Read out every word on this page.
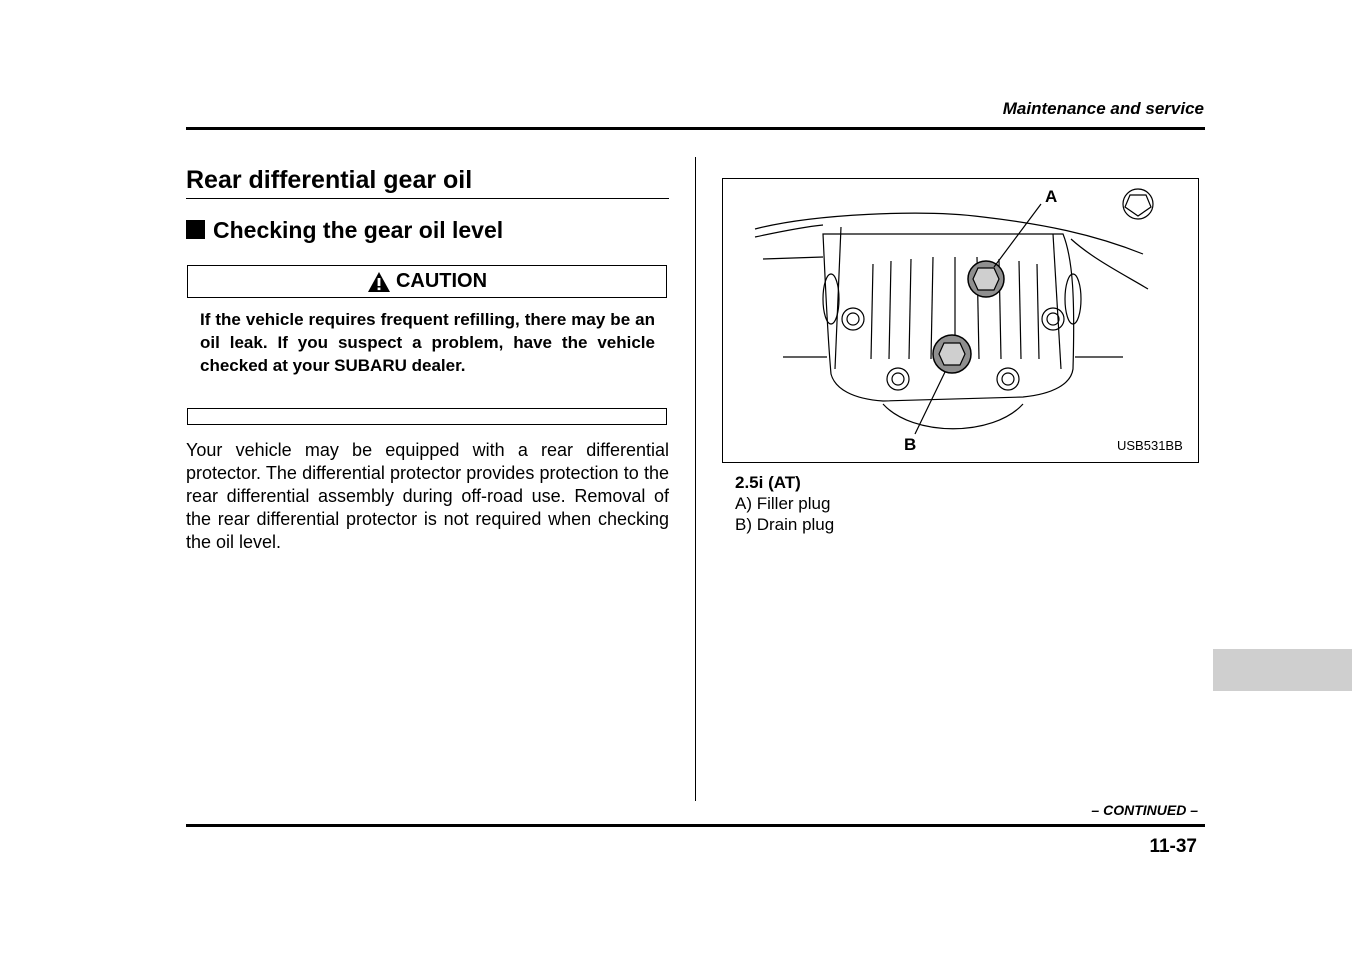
Maintenance and service
Rear differential gear oil
Checking the gear oil level
CAUTION
If the vehicle requires frequent refilling, there may be an oil leak. If you suspect a problem, have the vehicle checked at your SUBARU dealer.
Your vehicle may be equipped with a rear differential protector. The differential protector provides protection to the rear differential assembly during off-road use. Removal of the rear differential protector is not required when checking the oil level.
A
B	USB531BB
2.5i (AT)
A) Filler plug
B) Drain plug
– CONTINUED –
11-37
